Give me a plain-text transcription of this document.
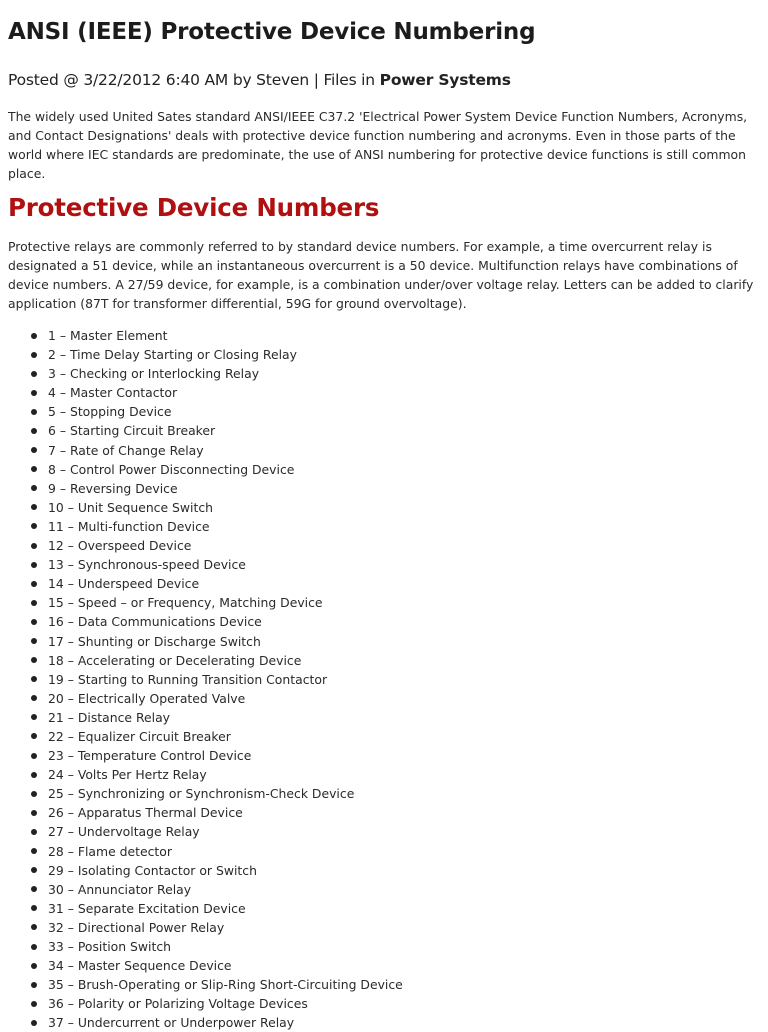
ANSI (IEEE) Protective Device Numbering
Posted @ 3/22/2012 6:40 AM by Steven | Files in Power Systems

The widely used United Sates standard ANSI/IEEE C37.2 'Electrical Power System Device Function Numbers, Acronyms, and Contact Designations' deals with protective device function numbering and acronyms. Even in those parts of the world where IEC standards are predominate, the use of ANSI numbering for protective device functions is still common place.

Protective Device Numbers

Protective relays are commonly referred to by standard device numbers. For example, a time overcurrent relay is designated a 51 device, while an instantaneous overcurrent is a 50 device. Multifunction relays have combinations of device numbers. A 27/59 device, for example, is a combination under/over voltage relay. Letters can be added to clarify application (87T for transformer differential, 59G for ground overvoltage).

1 – Master Element
2 – Time Delay Starting or Closing Relay
3 – Checking or Interlocking Relay
4 – Master Contactor
5 – Stopping Device
6 – Starting Circuit Breaker
7 – Rate of Change Relay
8 – Control Power Disconnecting Device
9 – Reversing Device
10 – Unit Sequence Switch
11 – Multi-function Device
12 – Overspeed Device
13 – Synchronous-speed Device
14 – Underspeed Device
15 – Speed – or Frequency, Matching Device
16 – Data Communications Device
17 – Shunting or Discharge Switch
18 – Accelerating or Decelerating Device
19 – Starting to Running Transition Contactor
20 – Electrically Operated Valve
21 – Distance Relay
22 – Equalizer Circuit Breaker
23 – Temperature Control Device
24 – Volts Per Hertz Relay
25 – Synchronizing or Synchronism-Check Device
26 – Apparatus Thermal Device
27 – Undervoltage Relay
28 – Flame detector
29 – Isolating Contactor or Switch
30 – Annunciator Relay
31 – Separate Excitation Device
32 – Directional Power Relay
33 – Position Switch
34 – Master Sequence Device
35 – Brush-Operating or Slip-Ring Short-Circuiting Device
36 – Polarity or Polarizing Voltage Devices
37 – Undercurrent or Underpower Relay
